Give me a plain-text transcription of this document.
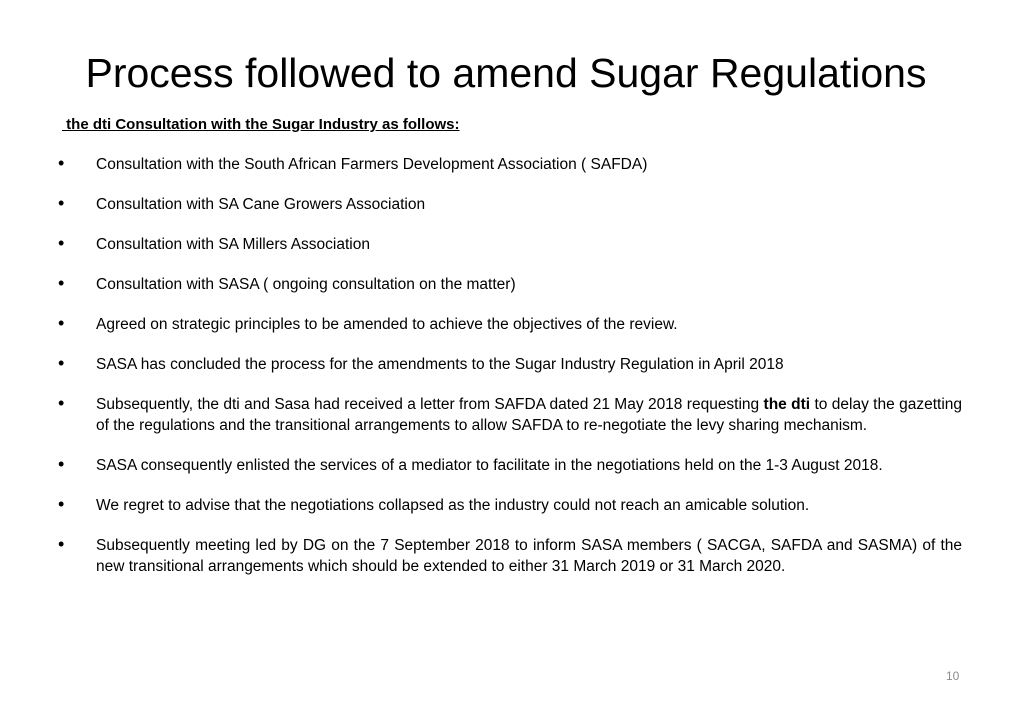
Process followed to amend Sugar Regulations

the dti Consultation with the Sugar Industry as follows:

• Consultation with the South African Farmers Development Association ( SAFDA)
• Consultation with SA Cane Growers Association
• Consultation with SA Millers Association
• Consultation with SASA ( ongoing consultation on the matter)
• Agreed on strategic principles to be amended to achieve the objectives of the review.
• SASA has concluded the process for the amendments to the Sugar Industry Regulation in April 2018
• Subsequently, the dti and Sasa had received a letter from SAFDA dated 21 May 2018 requesting the dti to delay the gazetting of the regulations and the transitional arrangements to allow SAFDA to re-negotiate the levy sharing mechanism.
• SASA consequently enlisted the services of a mediator to facilitate in the negotiations held on the 1-3 August 2018.
• We regret to advise that the negotiations collapsed as the industry could not reach an amicable solution.
• Subsequently meeting led by DG on the 7 September 2018 to inform SASA members ( SACGA, SAFDA and SASMA) of the new transitional arrangements which should be extended to either 31 March 2019 or 31 March 2020.
10
